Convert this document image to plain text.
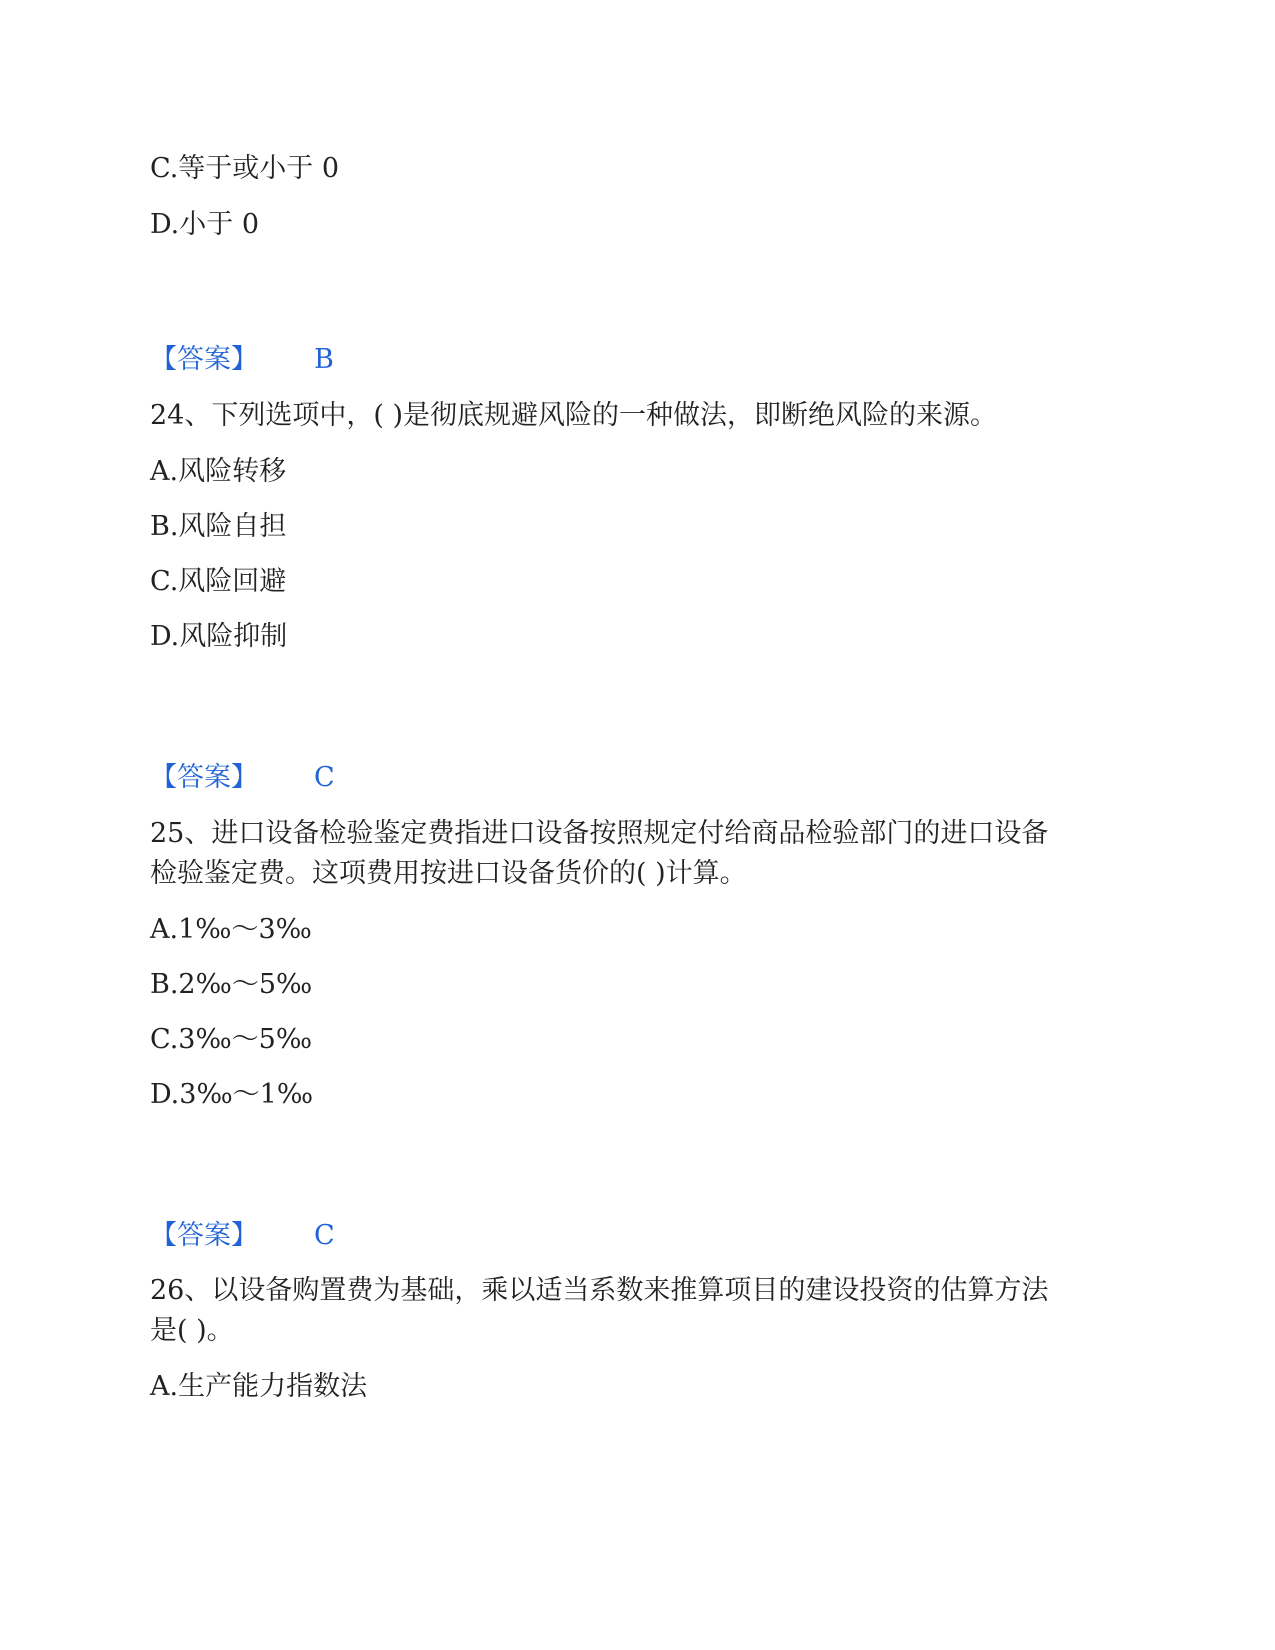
C.等于或小于 0
D.小于 0
【答案】 B
24、下列选项中，( )是彻底规避风险的一种做法，即断绝风险的来源。
A.风险转移
B.风险自担
C.风险回避
D.风险抑制
【答案】 C
25、进口设备检验鉴定费指进口设备按照规定付给商品检验部门的进口设备
检验鉴定费。这项费用按进口设备货价的( )计算。
A.1‰～3‰
B.2‰～5‰
C.3‰～5‰
D.3‰～1‰
【答案】 C
26、以设备购置费为基础，乘以适当系数来推算项目的建设投资的估算方法
是( )。
A.生产能力指数法
